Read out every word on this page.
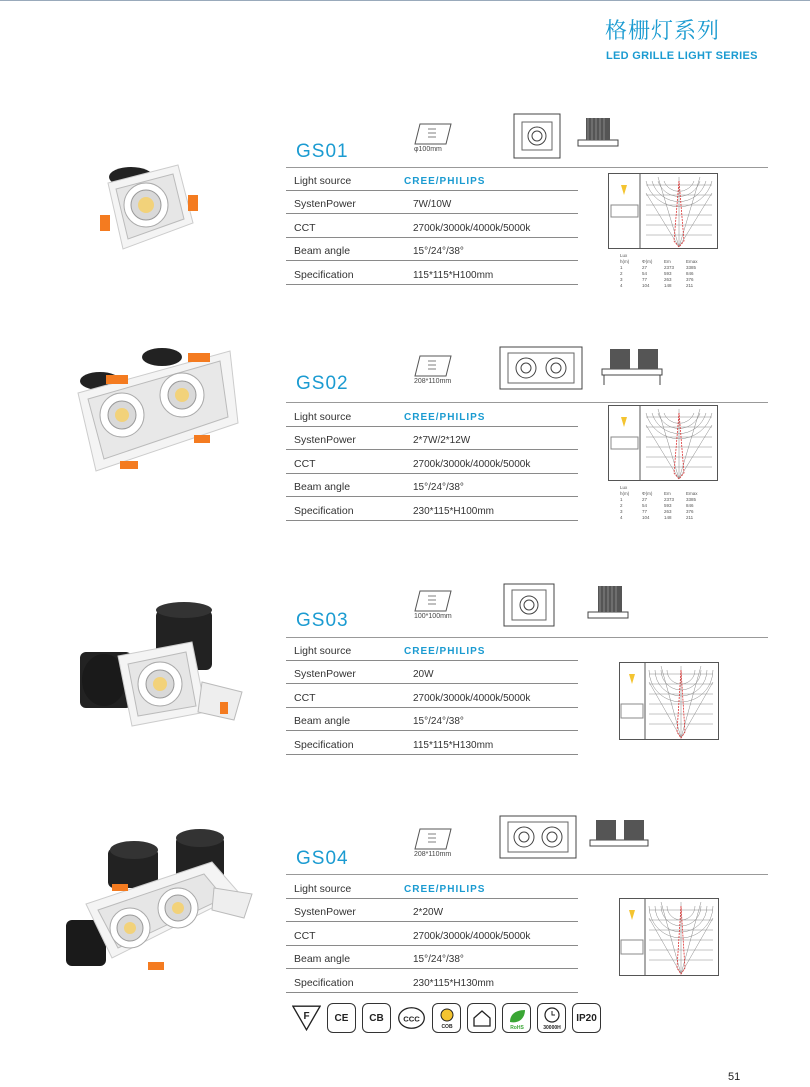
格栅灯系列
LED GRILLE LIGHT SERIES
GS01	φ100mm
Light source	CREE/PHILIPS
SystenPower	7W/10W
CCT	2700k/3000k/4000k/5000k
Beam angle	15°/24°/38°
Specification	115*115*H100mm
Lux
h(m)	Φ(m)	Em	Emax
1	27	2373	3385
2	54	593	846
3	77	263	376
4	104	148	211
GS02	208*110mm
Light source	CREE/PHILIPS
SystenPower	2*7W/2*12W
CCT	2700k/3000k/4000k/5000k
Beam angle	15°/24°/38°
Specification	230*115*H100mm
Lux
h(m)	Φ(m)	Em	Emax
1	27	2373	3385
2	54	593	846
3	77	263	376
4	104	148	211
GS03	100*100mm
Light source	CREE/PHILIPS
SystenPower	20W
CCT	2700k/3000k/4000k/5000k
Beam angle	15°/24°/38°
Specification	115*115*H130mm
GS04	208*110mm
Light source	CREE/PHILIPS
SystenPower	2*20W
CCT	2700k/3000k/4000k/5000k
Beam angle	15°/24°/38°
Specification	230*115*H130mm
F	CE	CB	CCC
COB	RoHS	30000H
IP20
51
